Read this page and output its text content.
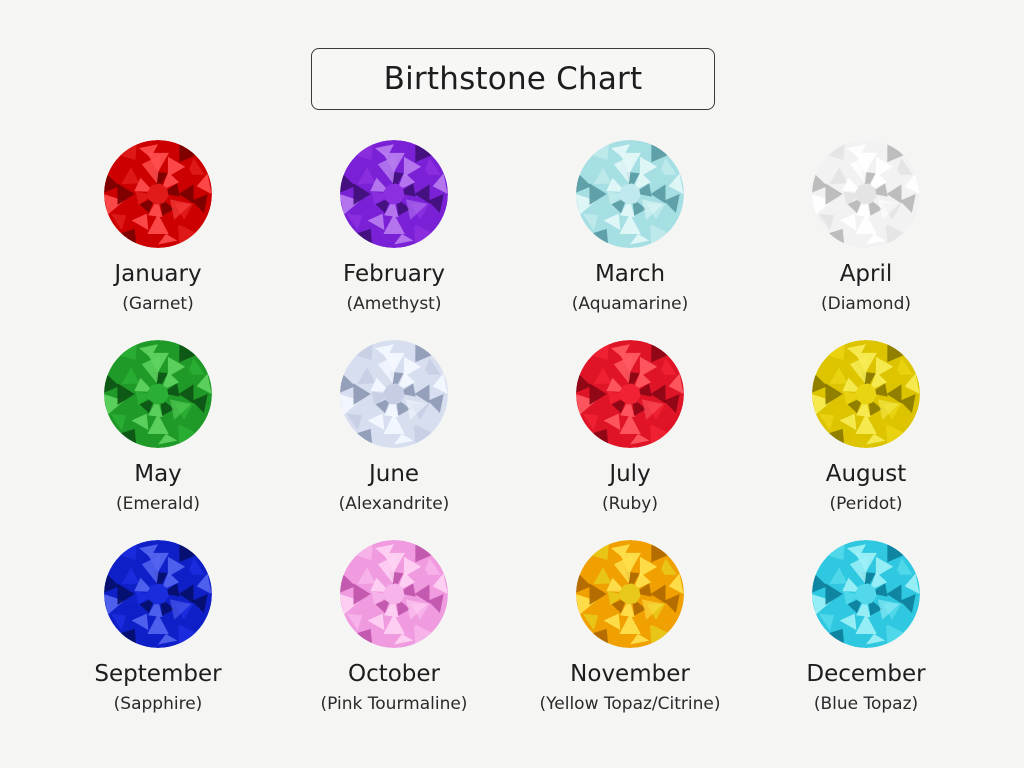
Birthstone Chart
January
(Garnet)
February
(Amethyst)
March
(Aquamarine)
April
(Diamond)
May
(Emerald)
June
(Alexandrite)
July
(Ruby)
August
(Peridot)
September
(Sapphire)
October
(Pink Tourmaline)
November
(Yellow Topaz/Citrine)
December
(Blue Topaz)
